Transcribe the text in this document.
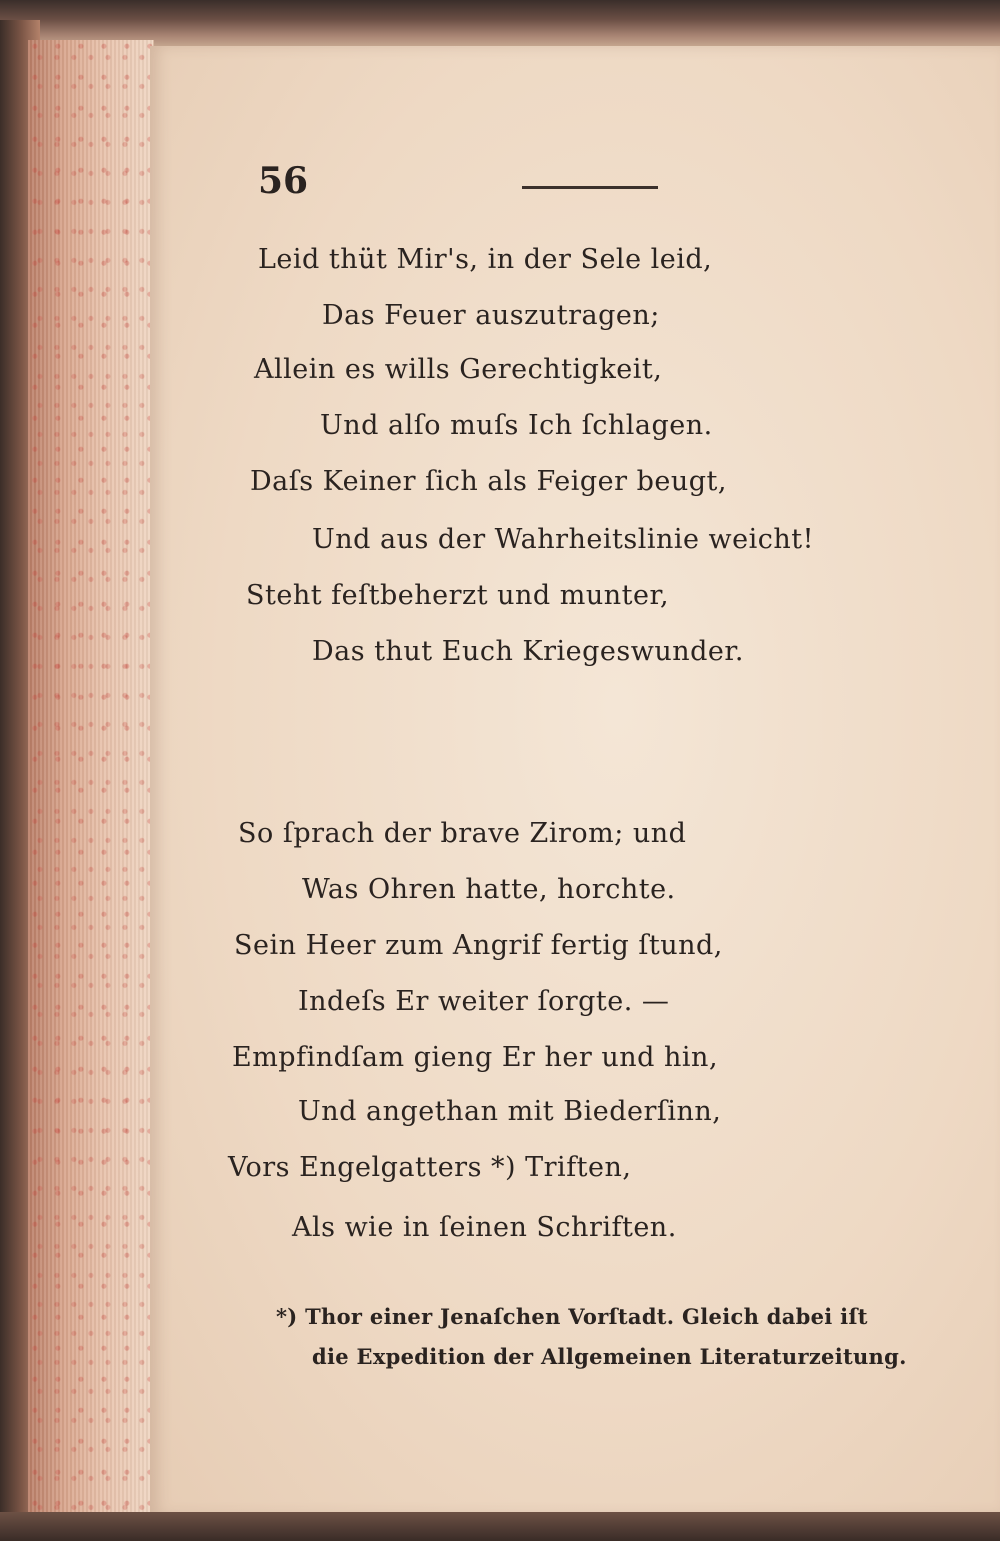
56
Leid thüt Mir's, in der Sele leid,
Das Feuer auszutragen;
Allein es wills Gerechtigkeit,
Und alſo muſs Ich ſchlagen.
Daſs Keiner ſich als Feiger beugt,
Und aus der Wahrheitslinie weicht!
Steht feſtbeherzt und munter,
Das thut Euch Kriegeswunder.
So ſprach der brave Zirom; und
Was Ohren hatte, horchte.
Sein Heer zum Angrif fertig ſtund,
Indeſs Er weiter ſorgte. —
Empfindſam gieng Er her und hin,
Und angethan mit Biederſinn,
Vors Engelgatters *) Triften,
Als wie in ſeinen Schriften.
*) Thor einer Jenaſchen Vorſtadt. Gleich dabei iſt
die Expedition der Allgemeinen Literaturzeitung.
